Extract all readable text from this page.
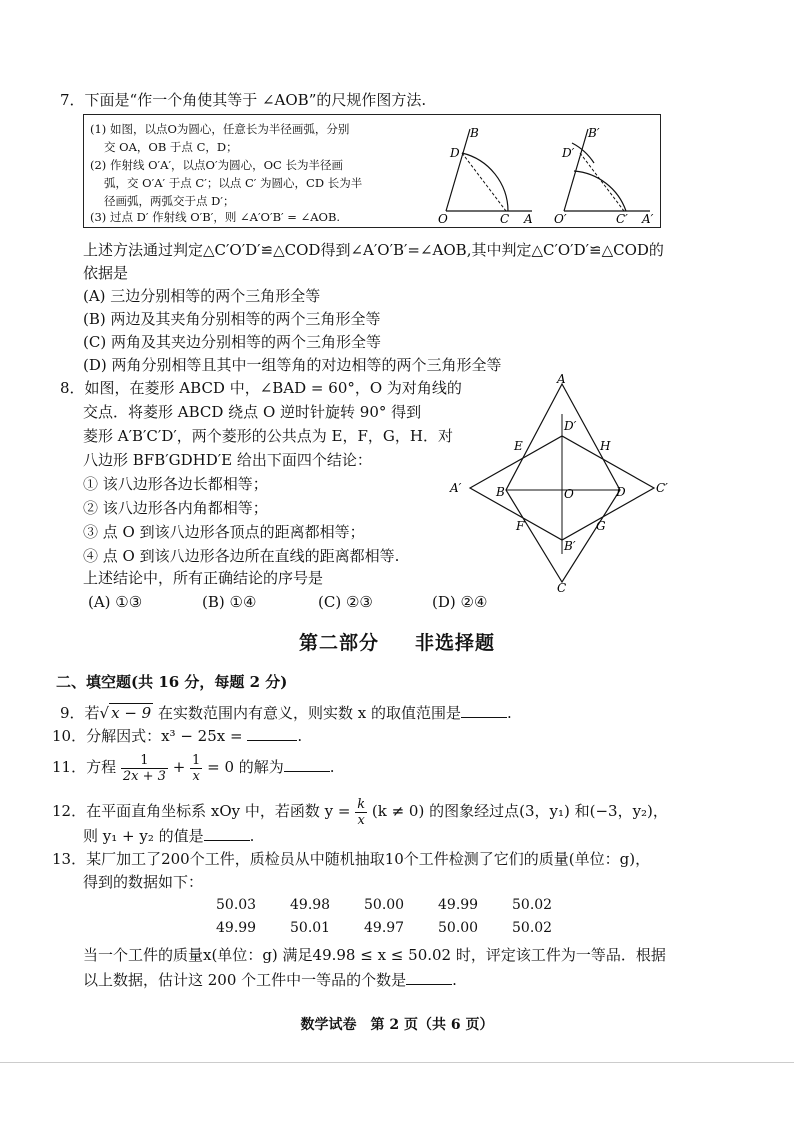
7．下面是“作一个角使其等于 ∠AOB”的尺规作图方法.
(1) 如图，以点O为圆心，任意长为半径画弧，分别
交 OA，OB 于点 C，D；
(2) 作射线 O′A′，以点O′为圆心，OC 长为半径画
弧，交 O′A′ 于点 C′；以点 C′ 为圆心，CD 长为半
径画弧，两弧交于点 D′；
(3) 过点 D′ 作射线 O′B′，则 ∠A′O′B′ = ∠AOB.	O	C A
B
D
O′	C′ A′
B′
D′
上述方法通过判定△C′O′D′≌△COD得到∠A′O′B′=∠AOB,其中判定△C′O′D′≌△COD的
依据是
(A) 三边分别相等的两个三角形全等
(B) 两边及其夹角分别相等的两个三角形全等
(C) 两角及其夹边分别相等的两个三角形全等
(D) 两角分别相等且其中一组等角的对边相等的两个三角形全等
8．如图，在菱形 ABCD 中，∠BAD = 60°，O 为对角线的
交点．将菱形 ABCD 绕点 O 逆时针旋转 90° 得到
菱形 A′B′C′D′，两个菱形的公共点为 E，F，G，H．对
八边形 BFB′GDHD′E 给出下面四个结论：
① 该八边形各边长都相等；
② 该八边形各内角都相等；
③ 点 O 到该八边形各顶点的距离都相等；
④ 点 O 到该八边形各边所在直线的距离都相等.
上述结论中，所有正确结论的序号是
(A) ①③	(B) ①④	(C) ②③	(D) ②④
A
D′
E	H
A′	B	O	D	C′
F	G
B′
C
第二部分 非选择题
二、填空题(共 16 分，每题 2 分)
9．若√ x − 9 在实数范围内有意义，则实数 x 的取值范围是	.
10．分解因式：x³ − 25x =	.
11．方程 $\frac{1}{2x + 3} + \frac{1}{x} = 0$ 的解为	.
12．在平面直角坐标系 xOy 中，若函数 $y = \frac{k}{x} (k \ne 0)$ 的图象经过点(3，y₁) 和(−3，y₂)，
则 y₁ + y₂ 的值是	.
13．某厂加工了200个工件，质检员从中随机抽取10个工件检测了它们的质量(单位：g)，
得到的数据如下：
50.03	49.98	50.00	49.99	50.02
49.99	50.01	49.97	50.00	50.02
当一个工件的质量x(单位：g) 满足49.98 ≤ x ≤ 50.02 时，评定该工件为一等品．根据
以上数据，估计这 200 个工件中一等品的个数是	.
数学试卷　第 2 页（共 6 页）
